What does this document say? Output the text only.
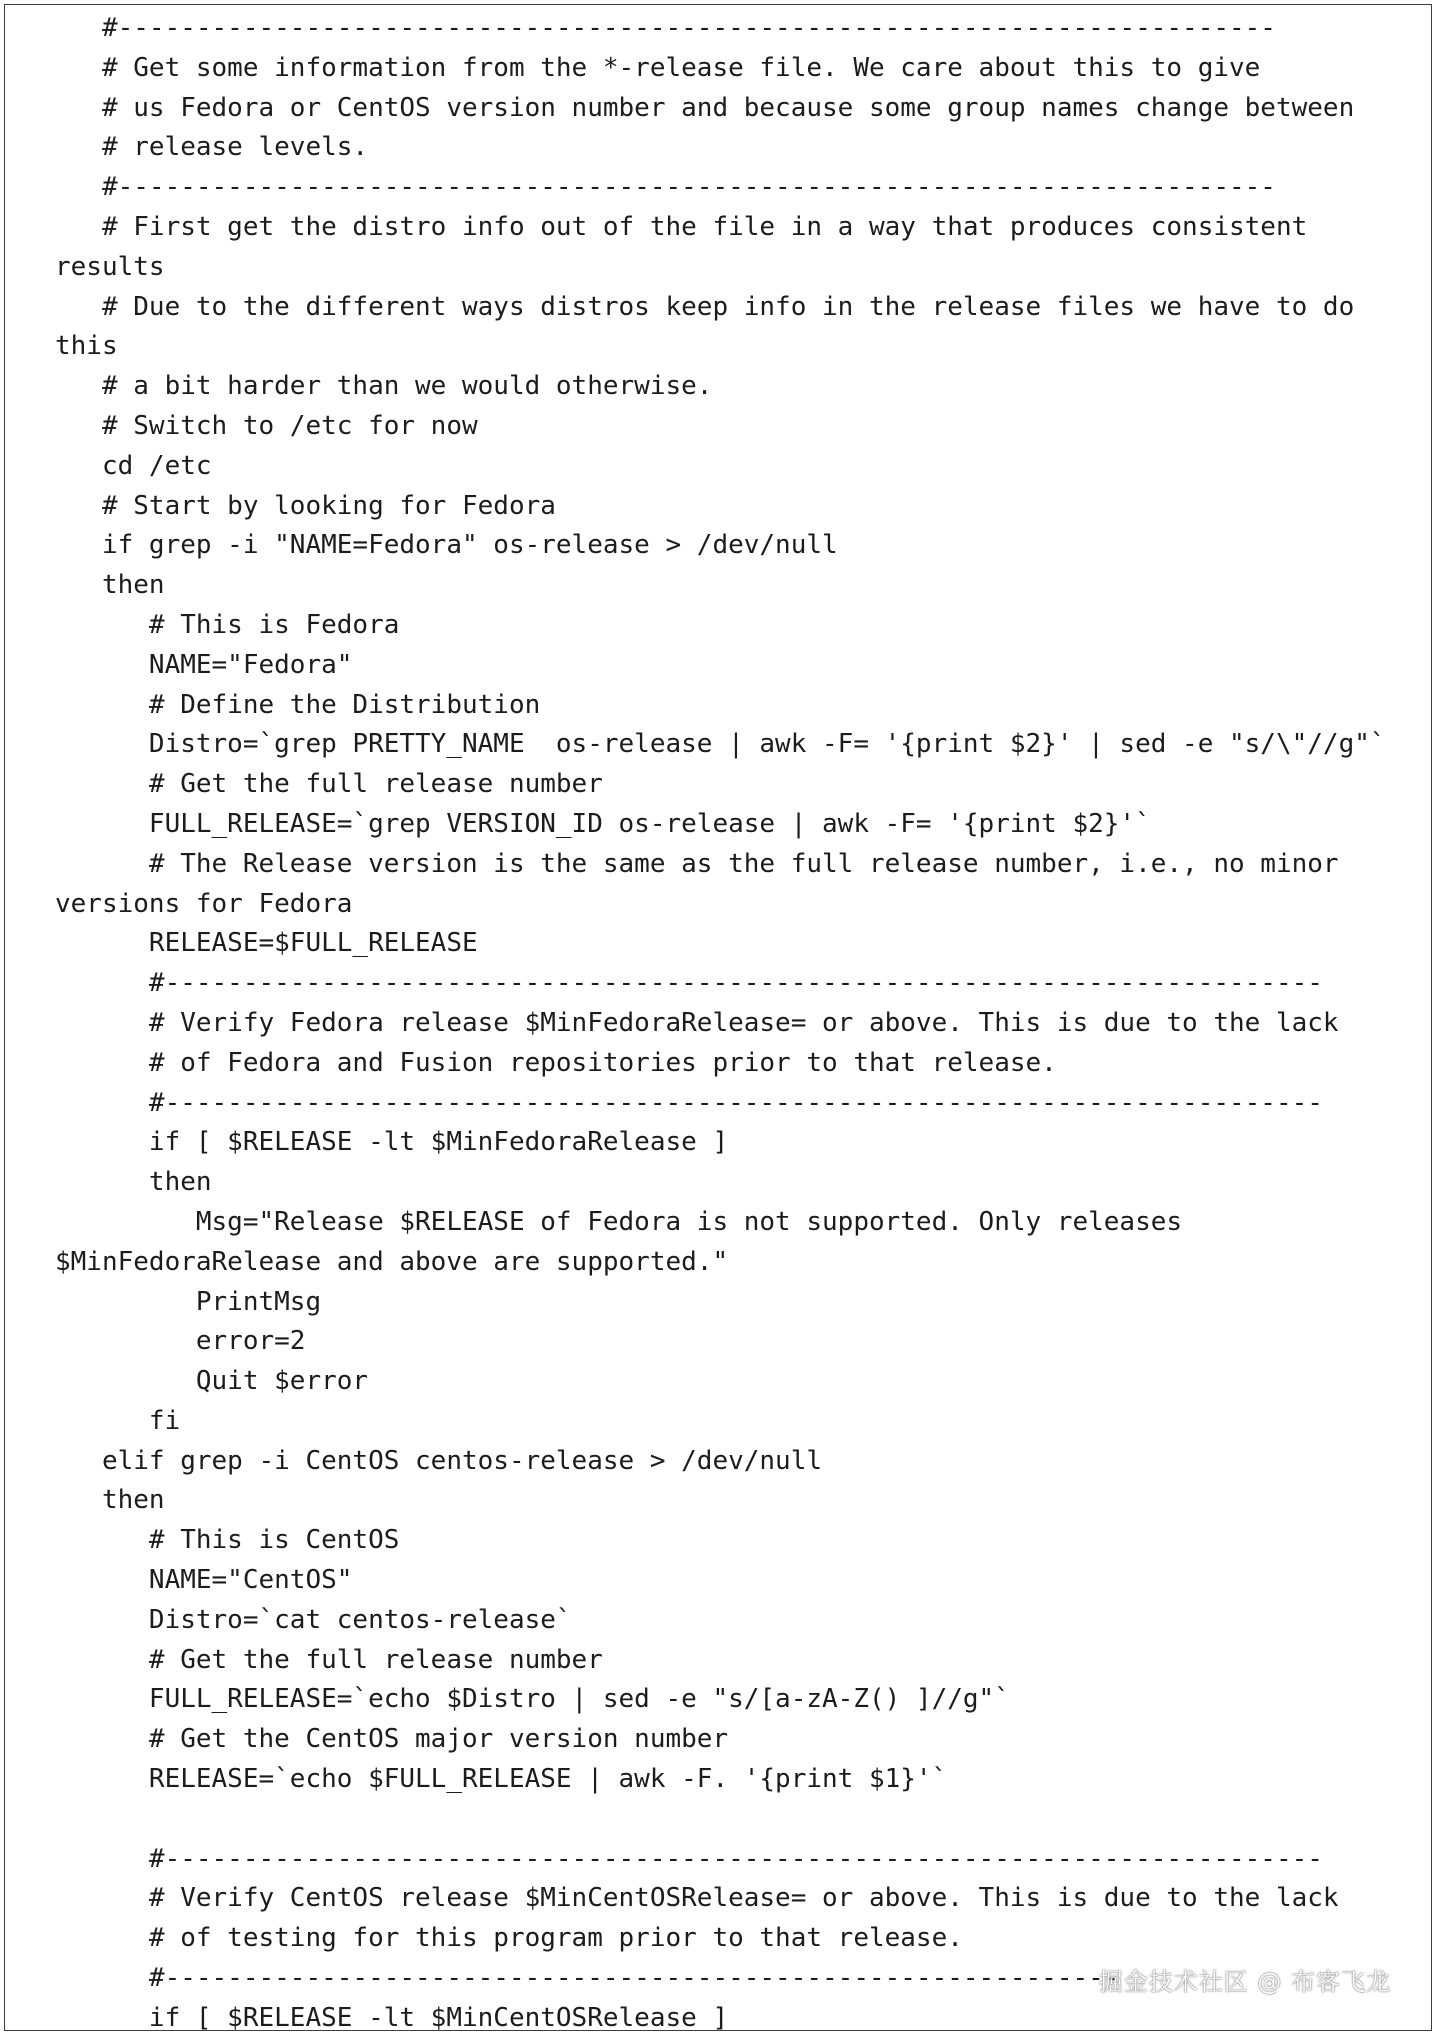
#--------------------------------------------------------------------------
# Get some information from the *-release file. We care about this to give
# us Fedora or CentOS version number and because some group names change between
# release levels.
#--------------------------------------------------------------------------
# First get the distro info out of the file in a way that produces consistent
results
# Due to the different ways distros keep info in the release files we have to do
this
# a bit harder than we would otherwise.
# Switch to /etc for now
cd /etc
# Start by looking for Fedora
if grep -i "NAME=Fedora" os-release > /dev/null
then
# This is Fedora
NAME="Fedora"
# Define the Distribution
Distro=`grep PRETTY_NAME  os-release | awk -F= '{print $2}' | sed -e "s/\"//g"`
# Get the full release number
FULL_RELEASE=`grep VERSION_ID os-release | awk -F= '{print $2}'`
# The Release version is the same as the full release number, i.e., no minor
versions for Fedora
RELEASE=$FULL_RELEASE
#--------------------------------------------------------------------------
# Verify Fedora release $MinFedoraRelease= or above. This is due to the lack
# of Fedora and Fusion repositories prior to that release.
#--------------------------------------------------------------------------
if [ $RELEASE -lt $MinFedoraRelease ]
then
Msg="Release $RELEASE of Fedora is not supported. Only releases
$MinFedoraRelease and above are supported."
PrintMsg
error=2
Quit $error
fi
elif grep -i CentOS centos-release > /dev/null
then
# This is CentOS
NAME="CentOS"
Distro=`cat centos-release`
# Get the full release number
FULL_RELEASE=`echo $Distro | sed -e "s/[a-zA-Z() ]//g"`
# Get the CentOS major version number
RELEASE=`echo $FULL_RELEASE | awk -F. '{print $1}'`
#--------------------------------------------------------------------------
# Verify CentOS release $MinCentOSRelease= or above. This is due to the lack
# of testing for this program prior to that release.
#-------------------------------------------------------------
if [ $RELEASE -lt $MinCentOSRelease ]
掘金技术社区 @ 布客飞龙
